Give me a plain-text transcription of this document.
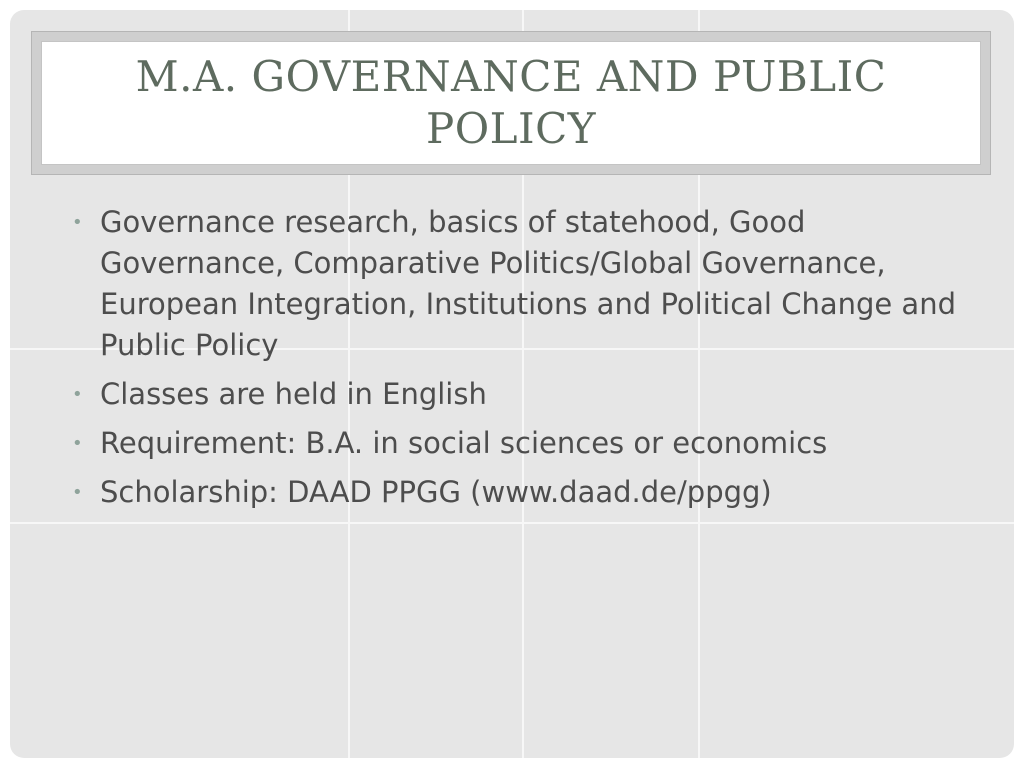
M.A. GOVERNANCE AND PUBLIC POLICY
• Governance research, basics of statehood, Good Governance, Comparative Politics/Global Governance, European Integration, Institutions and Political Change and Public Policy
• Classes are held in English
• Requirement: B.A. in social sciences or economics
• Scholarship: DAAD PPGG (www.daad.de/ppgg)
